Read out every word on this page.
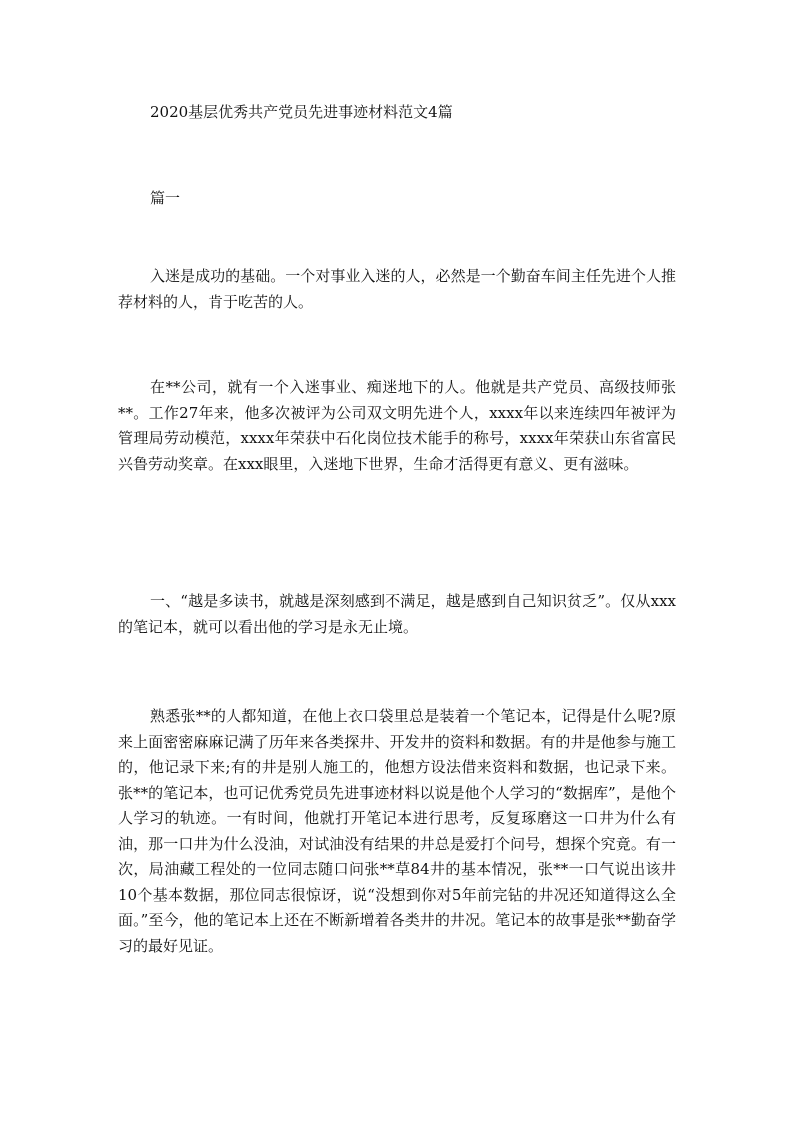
2020基层优秀共产党员先进事迹材料范文4篇
篇一

入迷是成功的基础。一个对事业入迷的人，必然是一个勤奋车间主任先进个人推荐材料的人，肯于吃苦的人。

在**公司，就有一个入迷事业、痴迷地下的人。他就是共产党员、高级技师张**。工作27年来，他多次被评为公司双文明先进个人，xxxx年以来连续四年被评为管理局劳动模范，xxxx年荣获中石化岗位技术能手的称号，xxxx年荣获山东省富民兴鲁劳动奖章。在xxx眼里，入迷地下世界，生命才活得更有意义、更有滋味。

一、“越是多读书，就越是深刻感到不满足，越是感到自己知识贫乏”。仅从xxx的笔记本，就可以看出他的学习是永无止境。

熟悉张**的人都知道，在他上衣口袋里总是装着一个笔记本，记得是什么呢?原来上面密密麻麻记满了历年来各类探井、开发井的资料和数据。有的井是他参与施工的，他记录下来;有的井是别人施工的，他想方设法借来资料和数据，也记录下来。张**的笔记本，也可记优秀党员先进事迹材料以说是他个人学习的“数据库”，是他个人学习的轨迹。一有时间，他就打开笔记本进行思考，反复琢磨这一口井为什么有油，那一口井为什么没油，对试油没有结果的井总是爱打个问号，想探个究竟。有一次，局油藏工程处的一位同志随口问张**草84井的基本情况，张**一口气说出该井10个基本数据，那位同志很惊讶，说“没想到你对5年前完钻的井况还知道得这么全面。”至今，他的笔记本上还在不断新增着各类井的井况。笔记本的故事是张**勤奋学习的最好见证。
